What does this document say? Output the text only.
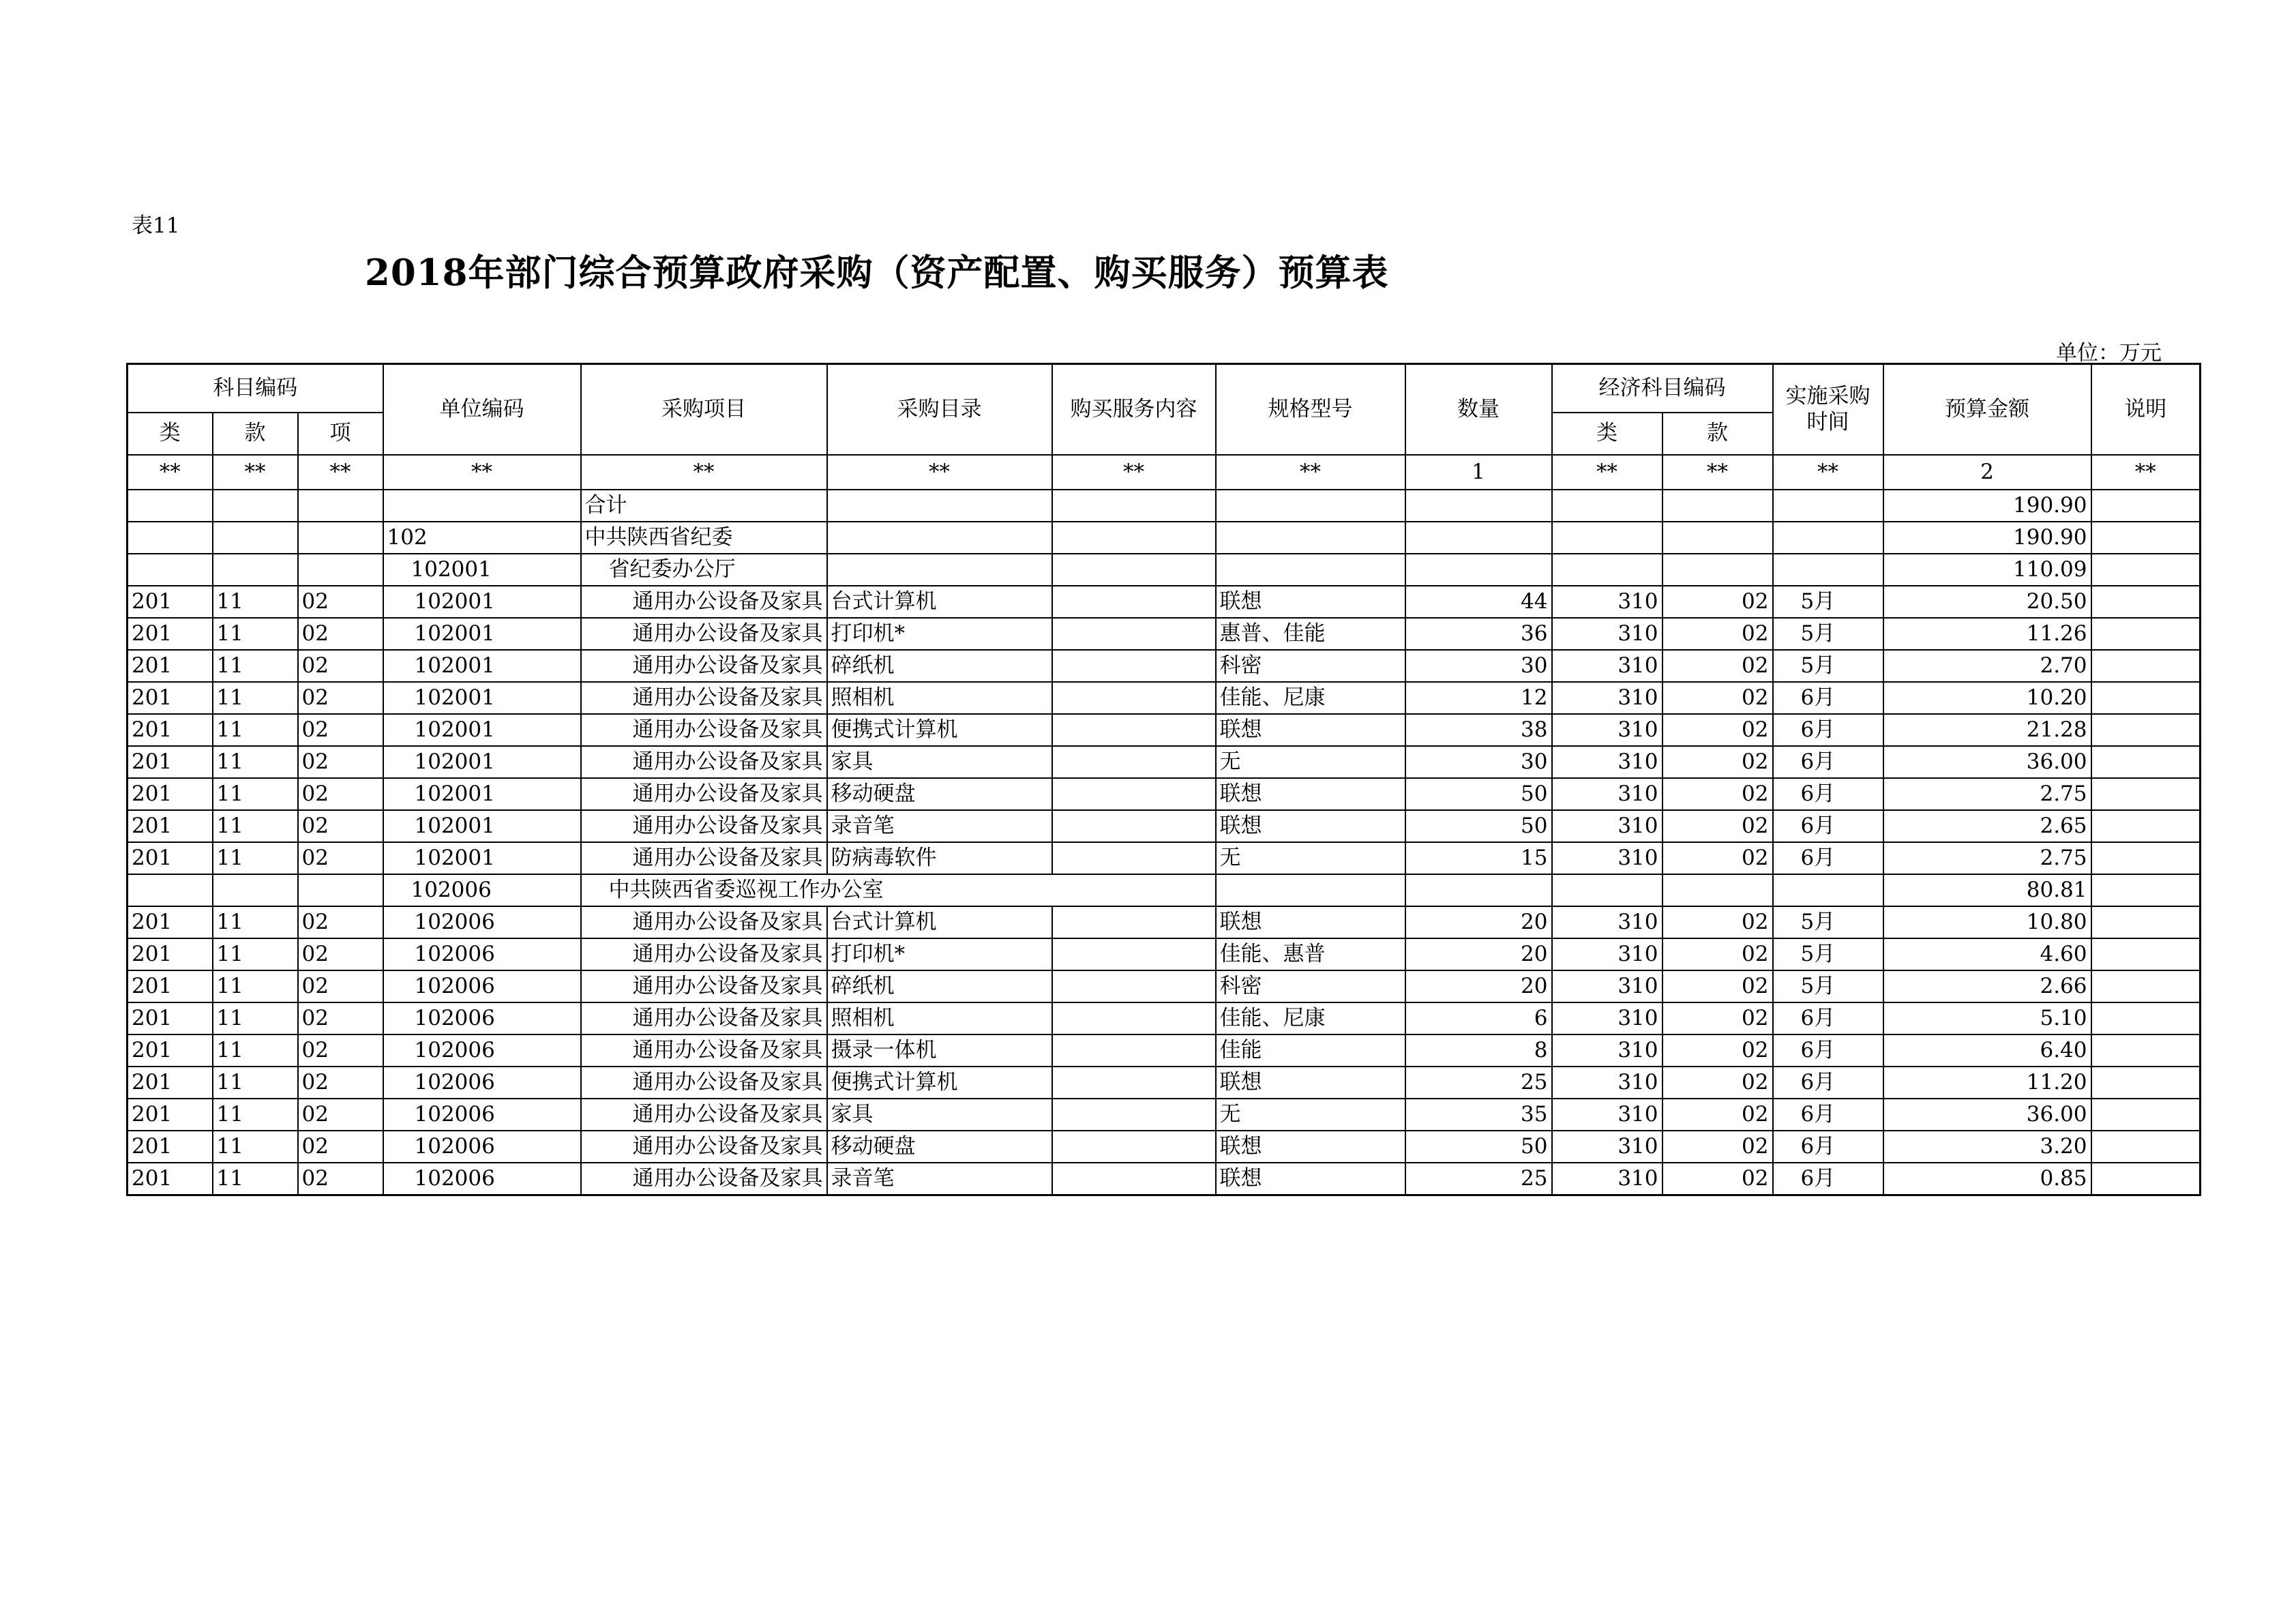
表11
2018年部门综合预算政府采购（资产配置、购买服务）预算表
单位：万元
科目编码			单位编码	采购项目	采购目录	购买服务内容	规格型号	数量	经济科目编码		实施采购时间	预算金额	说明
类	款	项							类	款			
**	**	**	**	**	**	**	**	1	**	**	**	2	**
				合计								190.90	
			102	中共陕西省纪委								190.90	
			102001	省纪委办公厅								110.09	
201	11	02	102001	通用办公设备及家具	台式计算机		联想	44	310	02	5月	20.50	
201	11	02	102001	通用办公设备及家具	打印机*		惠普、佳能	36	310	02	5月	11.26	
201	11	02	102001	通用办公设备及家具	碎纸机		科密	30	310	02	5月	2.70	
201	11	02	102001	通用办公设备及家具	照相机		佳能、尼康	12	310	02	6月	10.20	
201	11	02	102001	通用办公设备及家具	便携式计算机		联想	38	310	02	6月	21.28	
201	11	02	102001	通用办公设备及家具	家具		无	30	310	02	6月	36.00	
201	11	02	102001	通用办公设备及家具	移动硬盘		联想	50	310	02	6月	2.75	
201	11	02	102001	通用办公设备及家具	录音笔		联想	50	310	02	6月	2.65	
201	11	02	102001	通用办公设备及家具	防病毒软件		无	15	310	02	6月	2.75	
			102006	中共陕西省委巡视工作办公室								80.81	
201	11	02	102006	通用办公设备及家具	台式计算机		联想	20	310	02	5月	10.80	
201	11	02	102006	通用办公设备及家具	打印机*		佳能、惠普	20	310	02	5月	4.60	
201	11	02	102006	通用办公设备及家具	碎纸机		科密	20	310	02	5月	2.66	
201	11	02	102006	通用办公设备及家具	照相机		佳能、尼康	6	310	02	6月	5.10	
201	11	02	102006	通用办公设备及家具	摄录一体机		佳能	8	310	02	6月	6.40	
201	11	02	102006	通用办公设备及家具	便携式计算机		联想	25	310	02	6月	11.20	
201	11	02	102006	通用办公设备及家具	家具		无	35	310	02	6月	36.00	
201	11	02	102006	通用办公设备及家具	移动硬盘		联想	50	310	02	6月	3.20	
201	11	02	102006	通用办公设备及家具	录音笔		联想	25	310	02	6月	0.85	
